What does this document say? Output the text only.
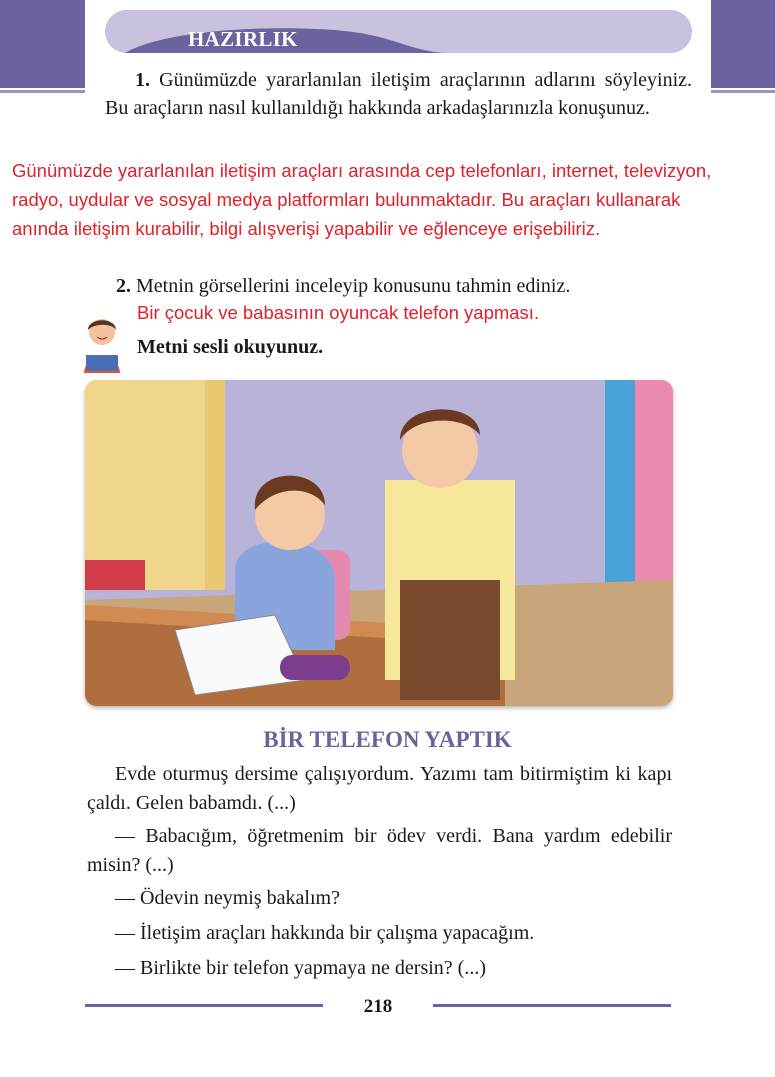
HAZIRLIK
1. Günümüzde yararlanılan iletişim araçlarının adlarını söyleyiniz. Bu araçların nasıl kullanıldığı hakkında arkadaşlarınızla konuşunuz.
Günümüzde yararlanılan iletişim araçları arasında cep telefonları, internet, televizyon,
radyo, uydular ve sosyal medya platformları bulunmaktadır. Bu araçları kullanarak
anında iletişim kurabilir, bilgi alışverişi yapabilir ve eğlenceye erişebiliriz.
2. Metnin görsellerini inceleyip konusunu tahmin ediniz.
Bir çocuk ve babasının oyuncak telefon yapması.
Metni sesli okuyunuz.
BİR TELEFON YAPTIK
Evde oturmuş dersime çalışıyordum. Yazımı tam bitirmiştim ki kapı çaldı. Gelen babamdı. (...)
— Babacığım, öğretmenim bir ödev verdi. Bana yardım edebilir misin? (...)
— Ödevin neymiş bakalım?
— İletişim araçları hakkında bir çalışma yapacağım.
— Birlikte bir telefon yapmaya ne dersin? (...)
218
